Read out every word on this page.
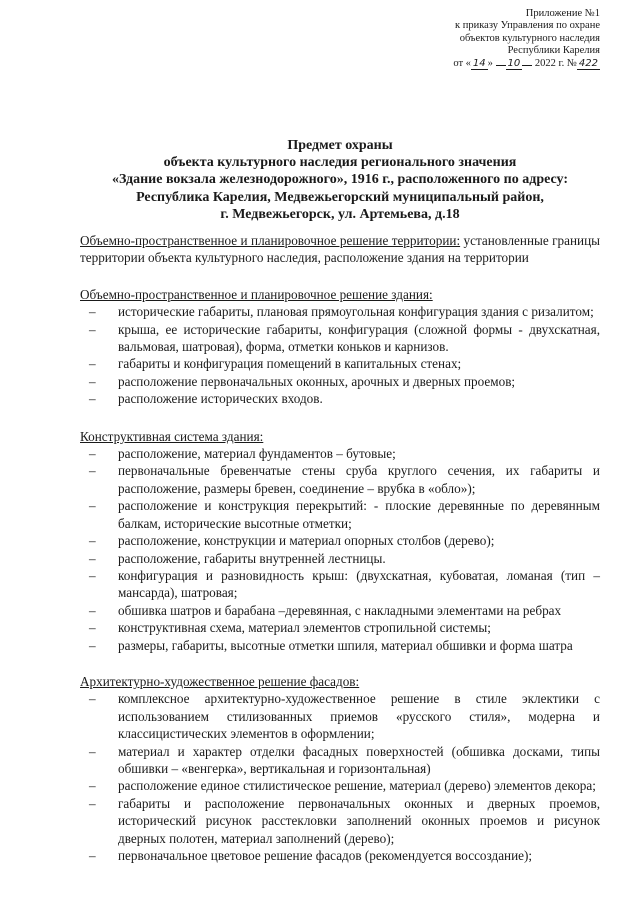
Приложение №1
к приказу Управления по охране
объектов культурного наследия
Республики Карелия
от « 14 » 10 2022 г. № 422
Предмет охраны
объекта культурного наследия регионального значения
«Здание вокзала железнодорожного», 1916 г., расположенного по адресу:
Республика Карелия, Медвежьегорский муниципальный район,
г. Медвежьегорск, ул. Артемьева, д.18
Объемно-пространственное и планировочное решение территории: установленные границы территории объекта культурного наследия, расположение здания на территории
Объемно-пространственное и планировочное решение здания:
– исторические габариты, плановая прямоугольная конфигурация здания с ризалитом;
– крыша, ее исторические габариты, конфигурация (сложной формы - двухскатная, вальмовая, шатровая), форма, отметки коньков и карнизов.
– габариты и конфигурация помещений в капитальных стенах;
– расположение первоначальных оконных, арочных и дверных проемов;
– расположение исторических входов.
Конструктивная система здания:
– расположение, материал фундаментов – бутовые;
– первоначальные бревенчатые стены сруба круглого сечения, их габариты и расположение, размеры бревен, соединение – врубка в «обло»);
– расположение и конструкция перекрытий: - плоские деревянные по деревянным балкам, исторические высотные отметки;
– расположение, конструкции и материал опорных столбов (дерево);
– расположение, габариты внутренней лестницы.
– конфигурация и разновидность крыш: (двухскатная, кубоватая, ломаная (тип – мансарда), шатровая;
– обшивка шатров и барабана –деревянная, с накладными элементами на ребрах
– конструктивная схема, материал элементов стропильной системы;
– размеры, габариты, высотные отметки шпиля, материал обшивки и форма шатра
Архитектурно-художественное решение фасадов:
– комплексное архитектурно-художественное решение в стиле эклектики с использованием стилизованных приемов «русского стиля», модерна и классицистических элементов в оформлении;
– материал и характер отделки фасадных поверхностей (обшивка досками, типы обшивки – «венгерка», вертикальная и горизонтальная)
– расположение единое стилистическое решение, материал (дерево) элементов декора;
– габариты и расположение первоначальных оконных и дверных проемов, исторический рисунок расстекловки заполнений оконных проемов и рисунок дверных полотен, материал заполнений (дерево);
– первоначальное цветовое решение фасадов (рекомендуется воссоздание);
